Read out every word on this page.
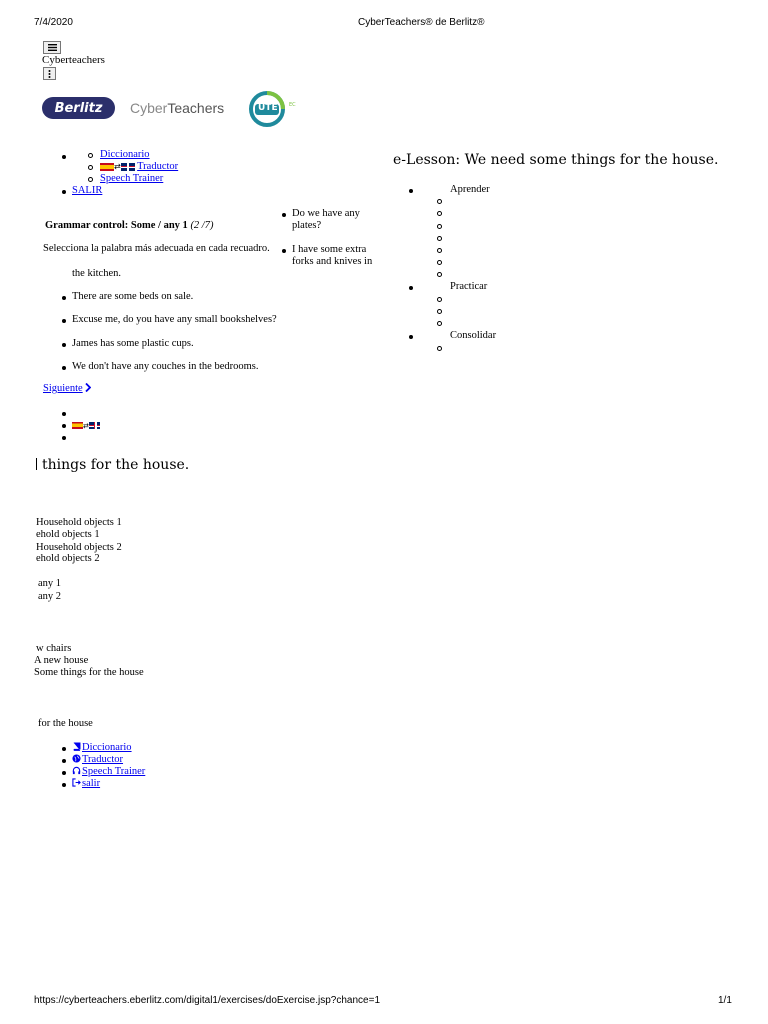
7/4/2020	CyberTeachers® de Berlitz®
Cyberteachers
Berlitz CyberTeachers	UTE EC
Diccionario
⇄ Traductor
Speech Trainer
SALIR
Grammar control: Some / any 1 (2 /7)
Selecciona la palabra más adecuada en cada recuadro.
the kitchen.
There are some beds on sale.
Excuse me, do you have any small bookshelves?
James has some plastic cups.
We don't have any couches in the bedrooms.
Siguiente
Do we have any
plates?
I have some extra
forks and knives in
e-Lesson: We need some things for the house.
Aprender
Practicar
Consolidar
⇄
things for the house.
Household objects 1
ehold objects 1
Household objects 2
ehold objects 2
any 1
any 2
w chairs
A new house
Some things for the house
for the house
Diccionario
Traductor
Speech Trainer
salir
https://cyberteachers.eberlitz.com/digital1/exercises/doExercise.jsp?chance=1	1/1
